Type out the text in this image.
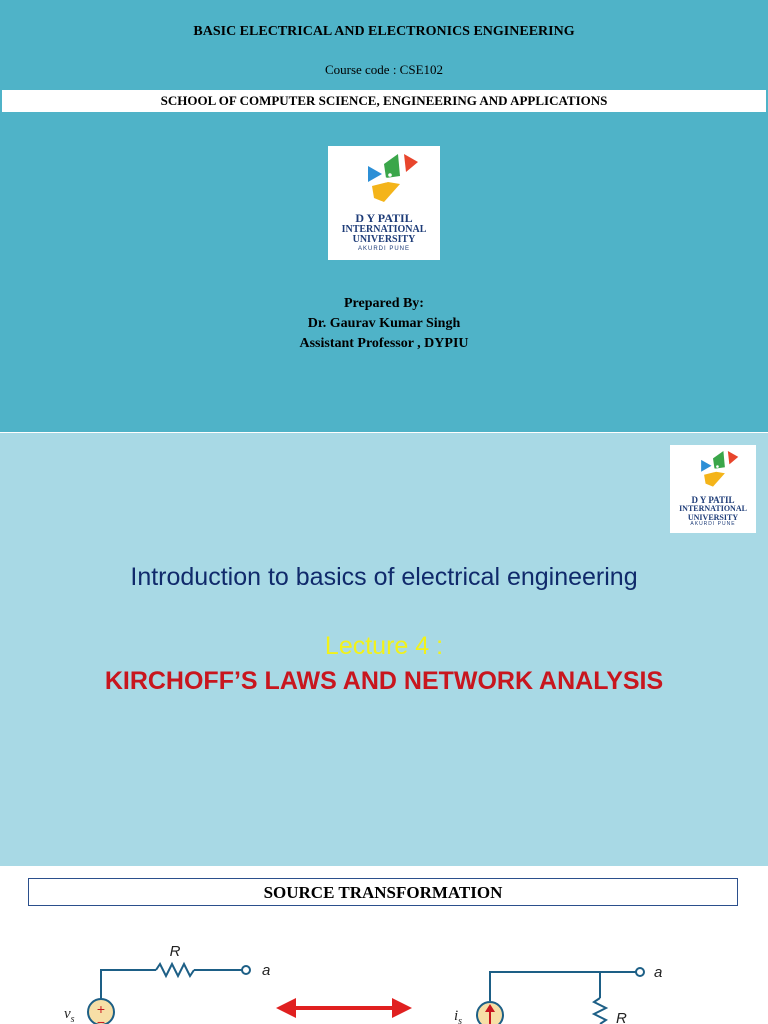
BASIC ELECTRICAL AND ELECTRONICS ENGINEERING
Course code : CSE102
SCHOOL OF COMPUTER SCIENCE, ENGINEERING AND APPLICATIONS
D Y PATIL
INTERNATIONAL
UNIVERSITY
AKURDI PUNE
Prepared By:
Dr. Gaurav Kumar Singh
Assistant Professor , DYPIU
D Y PATIL
INTERNATIONAL
UNIVERSITY
AKURDI PUNE
Introduction to basics of electrical engineering
Lecture 4 :
KIRCHOFF’S LAWS AND NETWORK ANALYSIS
SOURCE TRANSFORMATION
+
−
R
a
$v_s$	R
a
$i_s$
